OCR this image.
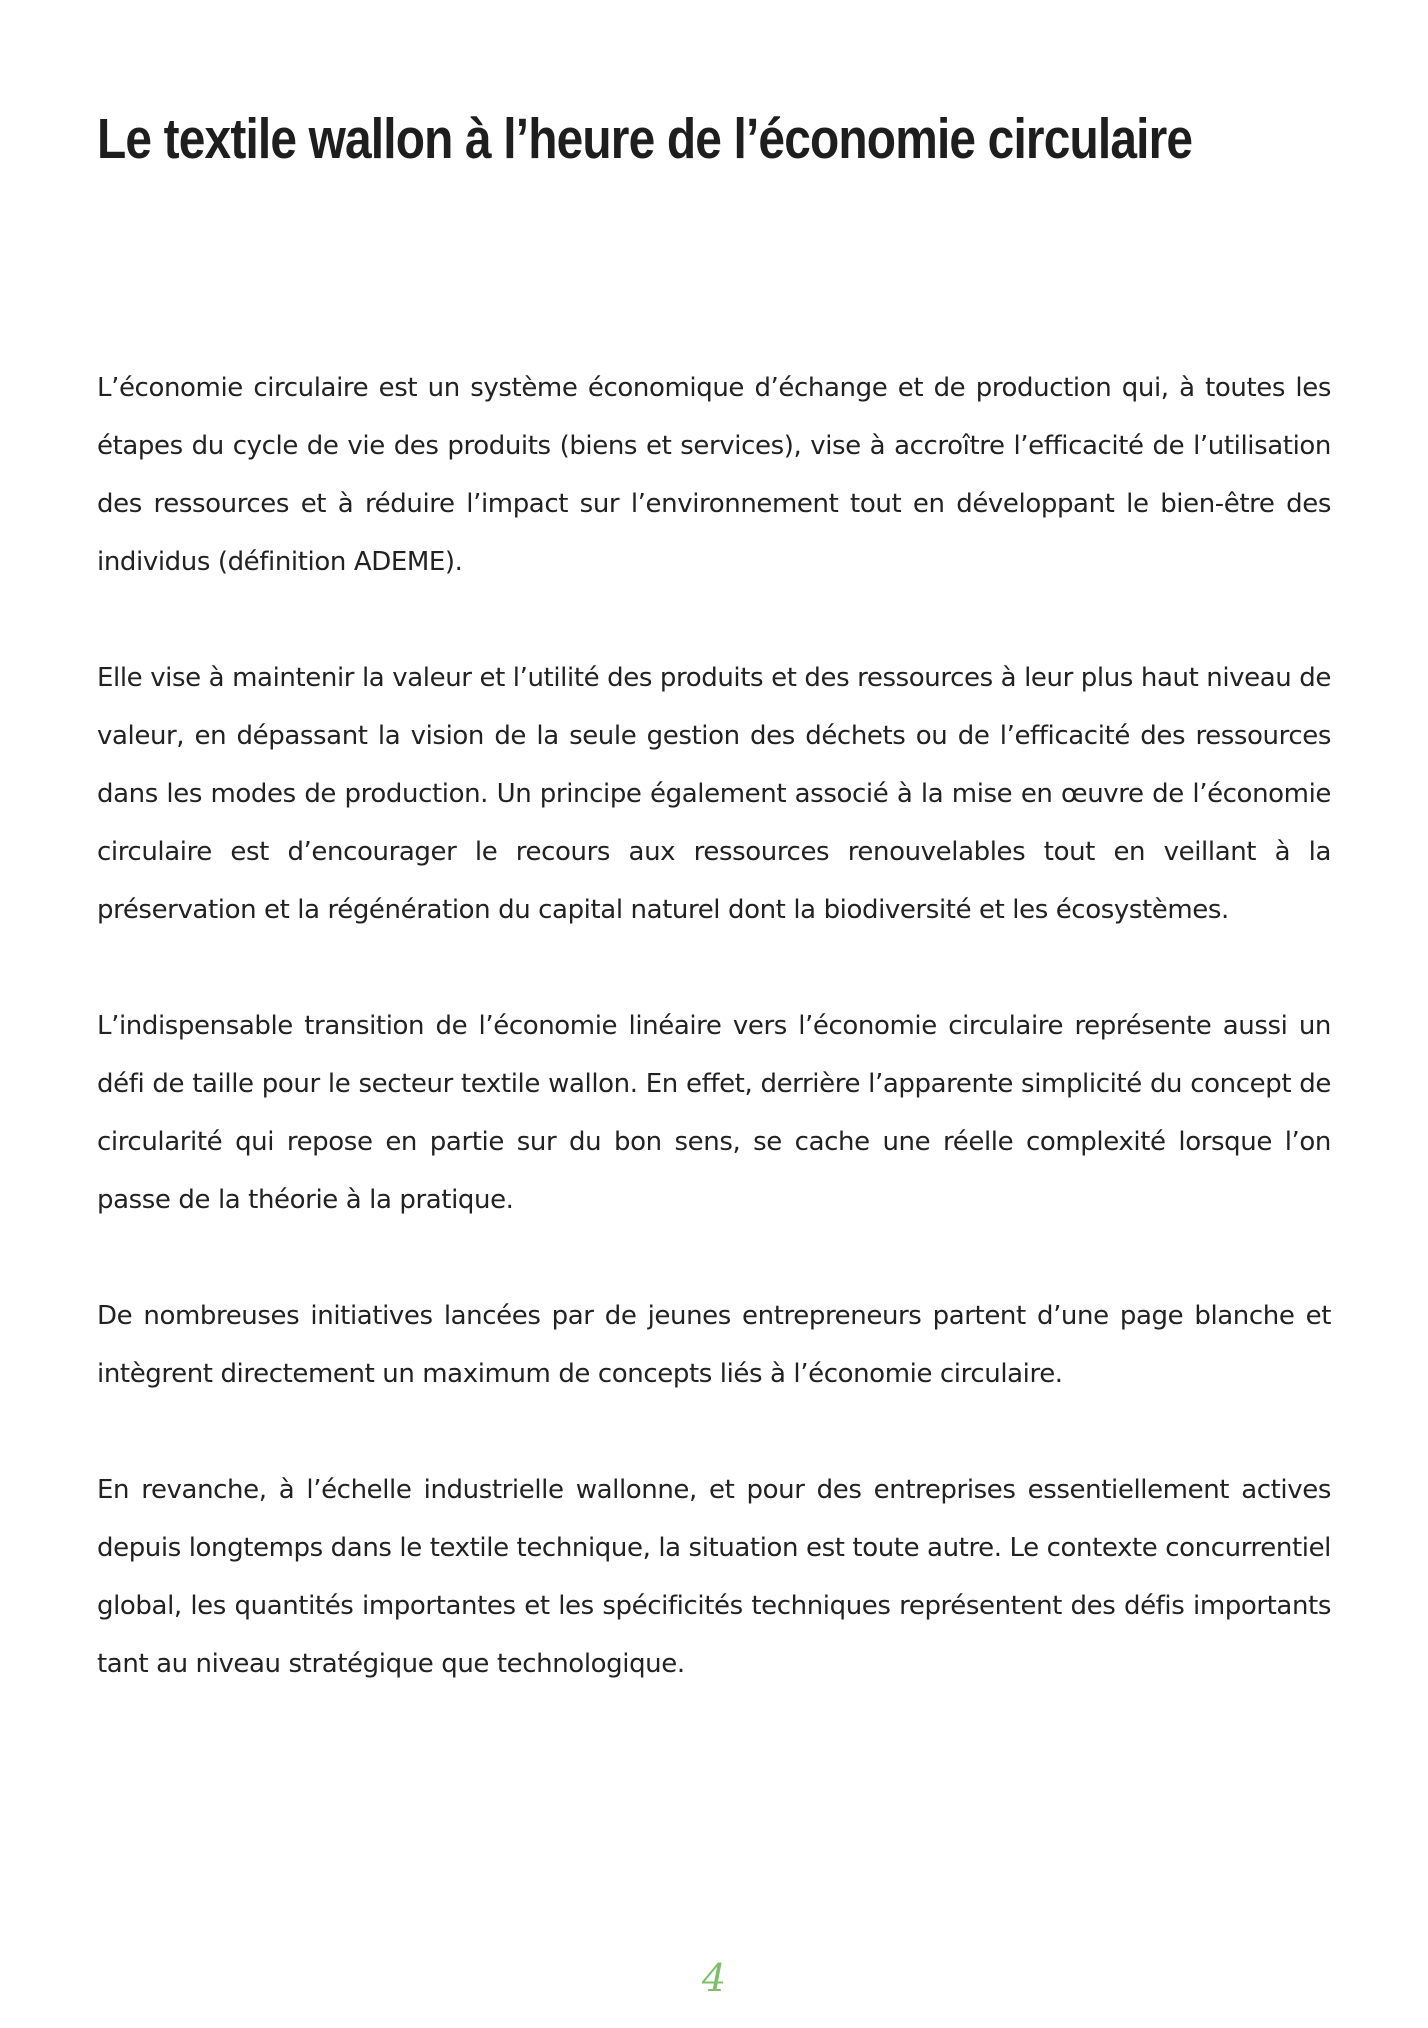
Le textile wallon à l’heure de l’économie circulaire

L’économie circulaire est un système économique d’échange et de production qui, à toutes les étapes du cycle de vie des produits (biens et services), vise à accroître l’efficacité de l’utilisation des ressources et à réduire l’impact sur l’environnement tout en développant le bien-être des individus (définition ADEME).

Elle vise à maintenir la valeur et l’utilité des produits et des ressources à leur plus haut niveau de valeur, en dépassant la vision de la seule gestion des déchets ou de l’efficacité des ressources dans les modes de production. Un principe également associé à la mise en œuvre de l’économie circulaire est d’encourager le recours aux ressources renouvelables tout en veillant à la préservation et la régénération du capital naturel dont la biodiversité et les écosystèmes.

L’indispensable transition de l’économie linéaire vers l’économie circulaire représente aussi un défi de taille pour le secteur textile wallon. En effet, derrière l’apparente simplicité du concept de circularité qui repose en partie sur du bon sens, se cache une réelle complexité lorsque l’on passe de la théorie à la pratique.

De nombreuses initiatives lancées par de jeunes entrepreneurs partent d’une page blanche et intègrent directement un maximum de concepts liés à l’économie circulaire.

En revanche, à l’échelle industrielle wallonne, et pour des entreprises essentiellement actives depuis longtemps dans le textile technique, la situation est toute autre. Le contexte concurrentiel global, les quantités importantes et les spécificités techniques représentent des défis importants tant au niveau stratégique que technologique.

4
